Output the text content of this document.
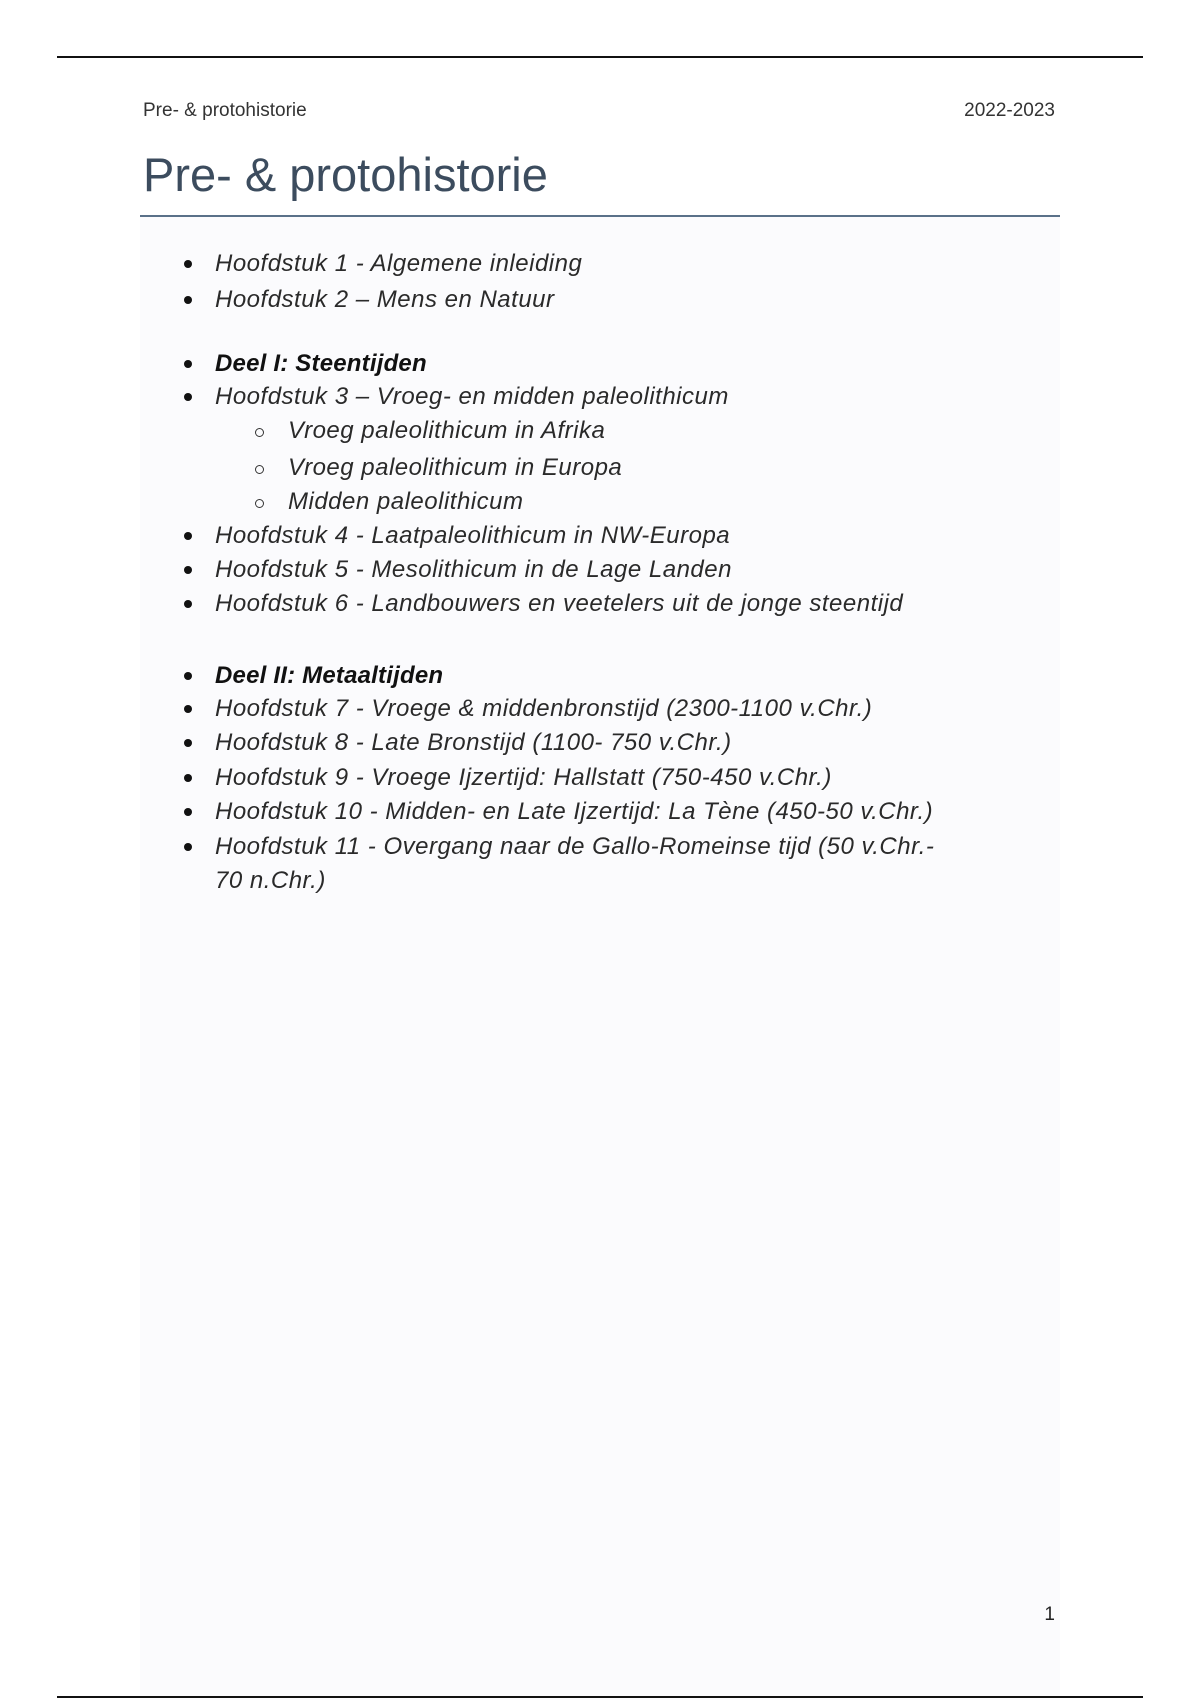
Pre- & protohistorie	2022-2023
Pre- & protohistorie
Hoofdstuk 1 - Algemene inleiding
Hoofdstuk 2 – Mens en Natuur
Deel I: Steentijden
Hoofdstuk 3 – Vroeg- en midden paleolithicum
Vroeg paleolithicum in Afrika
Vroeg paleolithicum in Europa
Midden paleolithicum
Hoofdstuk 4 - Laatpaleolithicum in NW-Europa
Hoofdstuk 5 - Mesolithicum in de Lage Landen
Hoofdstuk 6 - Landbouwers en veetelers uit de jonge steentijd
Deel II: Metaaltijden
Hoofdstuk 7 - Vroege & middenbronstijd (2300-1100 v.Chr.)
Hoofdstuk 8 - Late Bronstijd (1100- 750 v.Chr.)
Hoofdstuk 9 - Vroege Ijzertijd: Hallstatt (750-450 v.Chr.)
Hoofdstuk 10 - Midden- en Late Ijzertijd: La Tène (450-50 v.Chr.)
Hoofdstuk 11 - Overgang naar de Gallo-Romeinse tijd (50 v.Chr.-
70 n.Chr.)
1
